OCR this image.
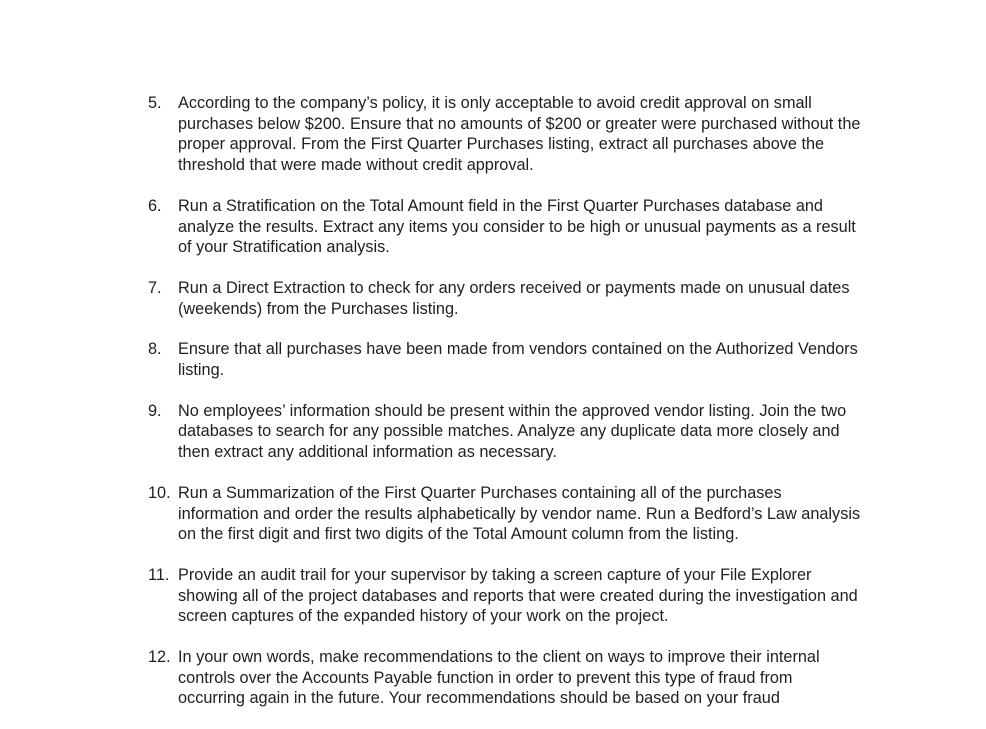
5.	According to the company’s policy, it is only acceptable to avoid credit approval on small purchases below $200. Ensure that no amounts of $200 or greater were purchased without the proper approval. From the First Quarter Purchases listing, extract all purchases above the threshold that were made without credit approval.
6.	Run a Stratification on the Total Amount field in the First Quarter Purchases database and analyze the results. Extract any items you consider to be high or unusual payments as a result of your Stratification analysis.
7.	Run a Direct Extraction to check for any orders received or payments made on unusual dates (weekends) from the Purchases listing.
8.	Ensure that all purchases have been made from vendors contained on the Authorized Vendors listing.
9.	No employees’ information should be present within the approved vendor listing. Join the two databases to search for any possible matches. Analyze any duplicate data more closely and then extract any additional information as necessary.
10. Run a Summarization of the First Quarter Purchases containing all of the purchases information and order the results alphabetically by vendor name. Run a Bedford’s Law analysis on the first digit and first two digits of the Total Amount column from the listing.
11. Provide an audit trail for your supervisor by taking a screen capture of your File Explorer showing all of the project databases and reports that were created during the investigation and screen captures of the expanded history of your work on the project.
12. In your own words, make recommendations to the client on ways to improve their internal controls over the Accounts Payable function in order to prevent this type of fraud from occurring again in the future. Your recommendations should be based on your fraud
